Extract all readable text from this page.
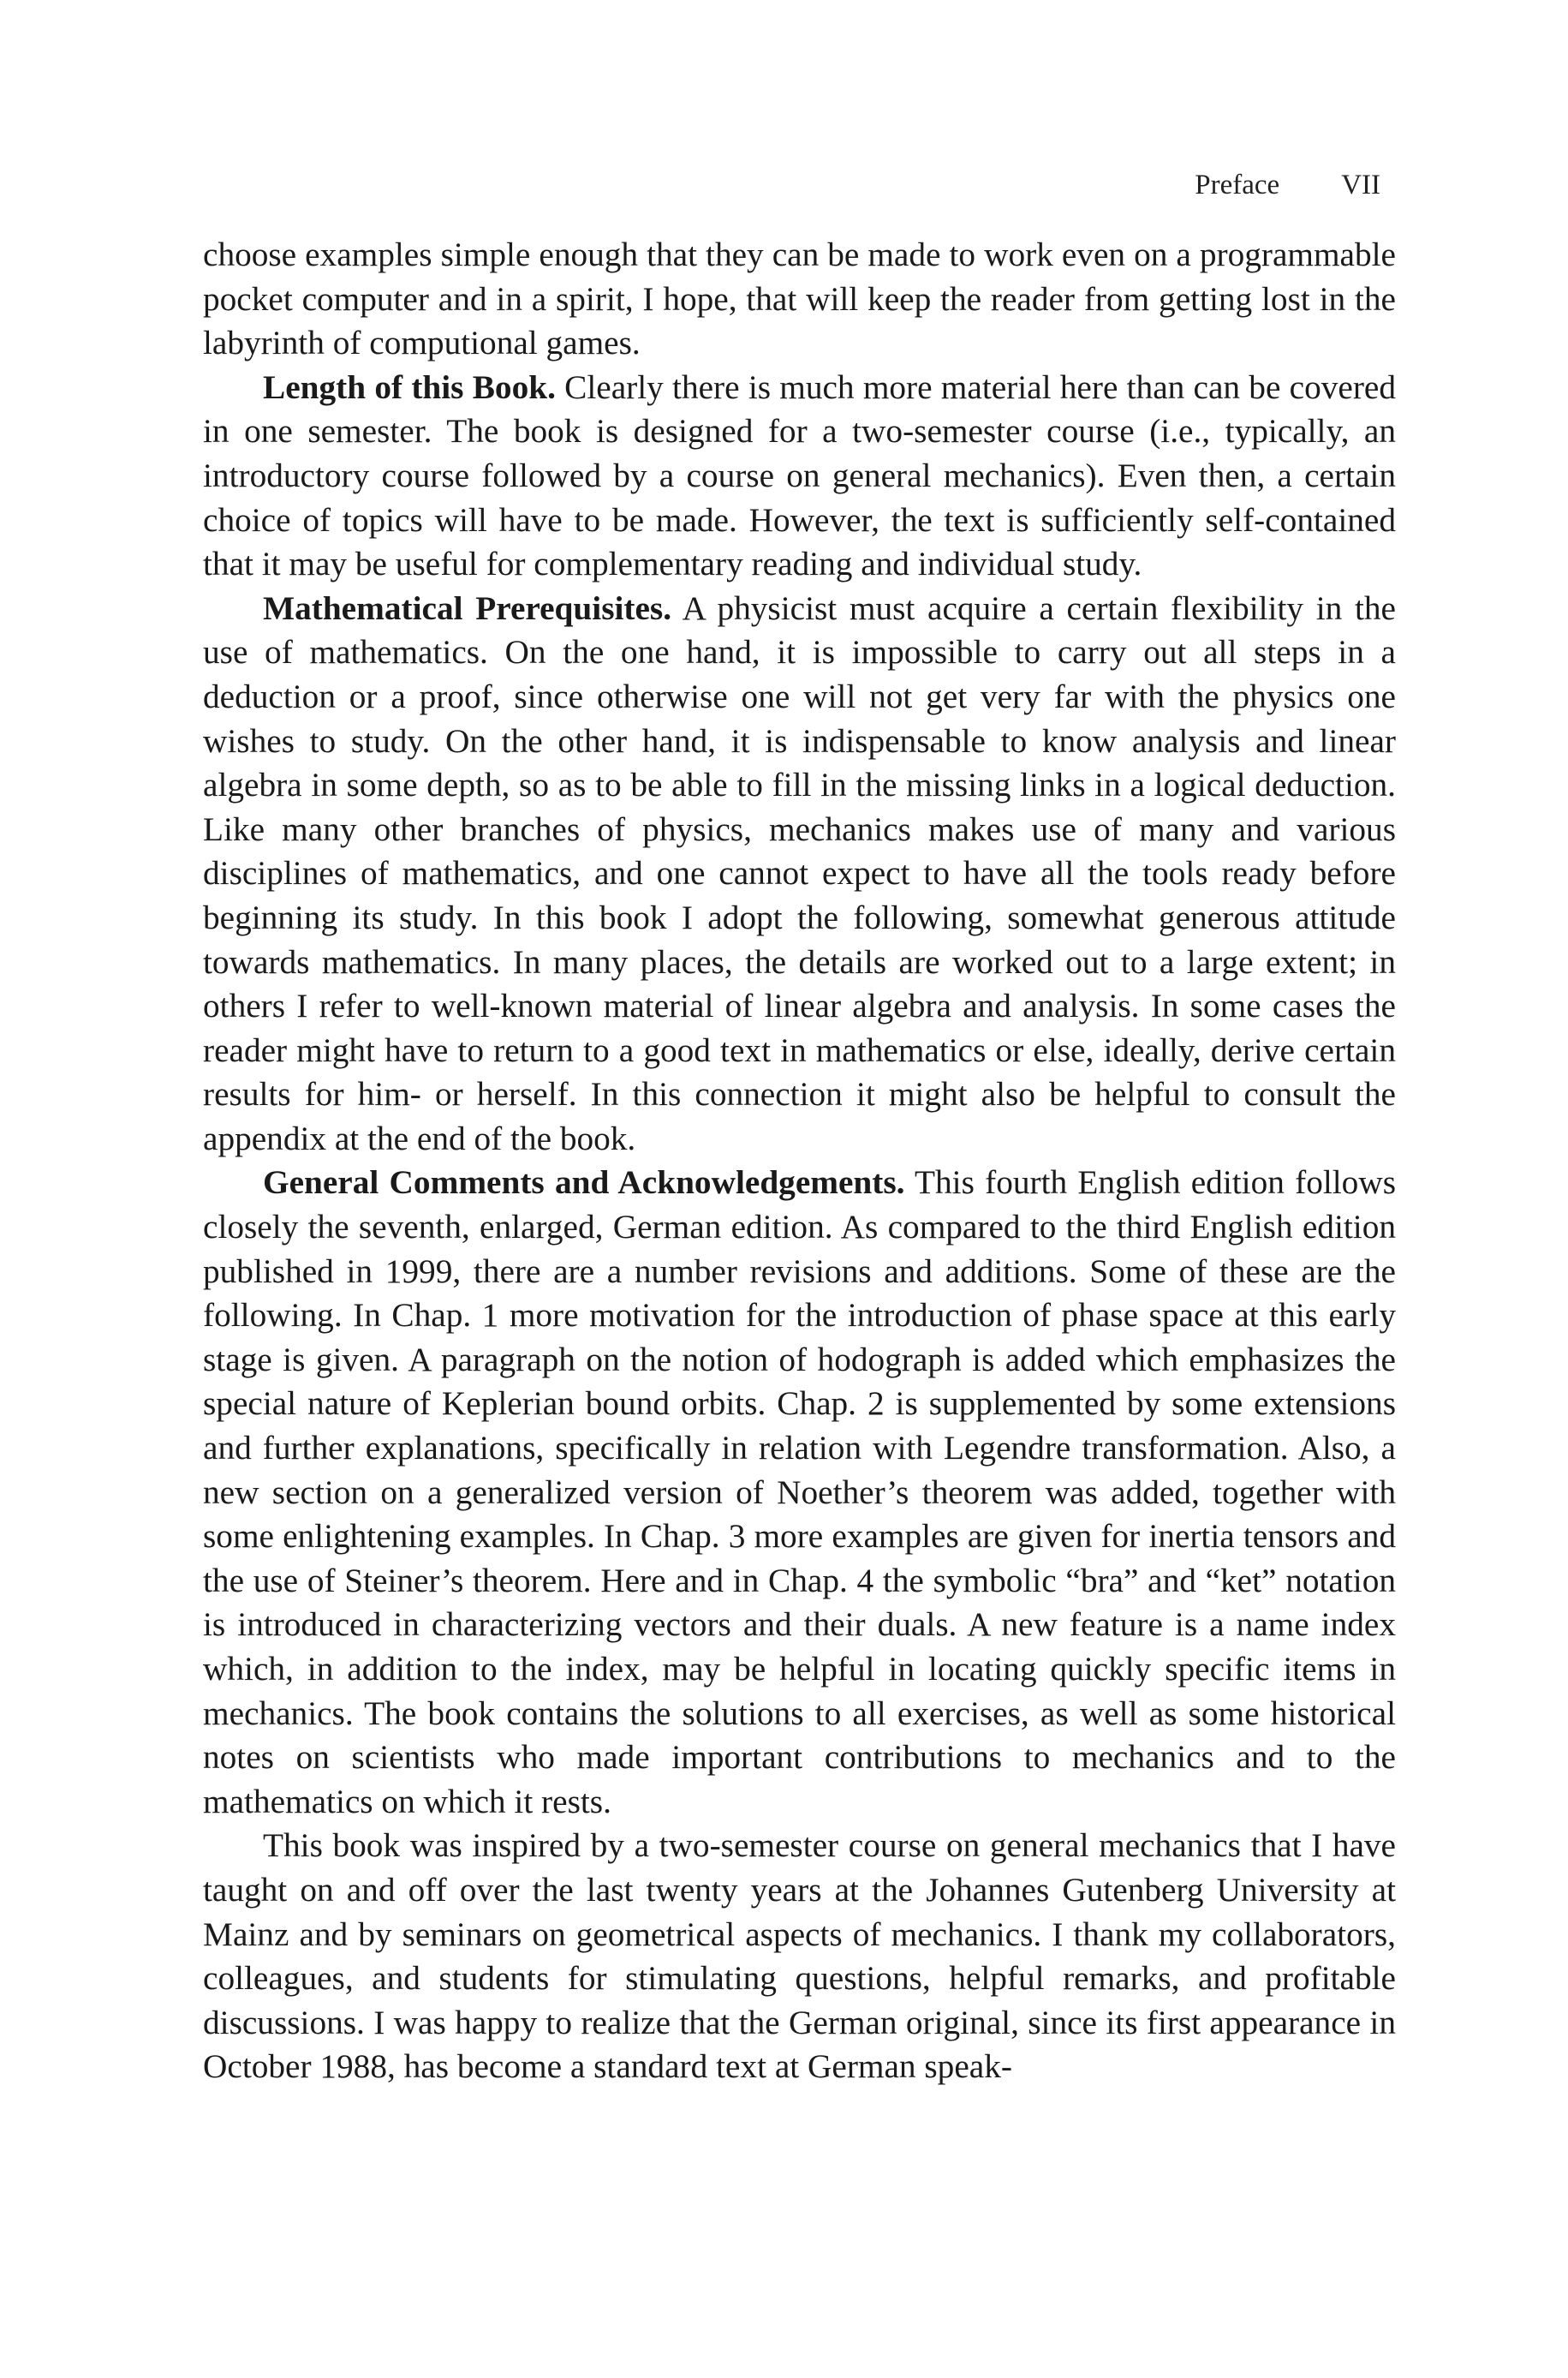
Preface VII

choose examples simple enough that they can be made to work even on a programmable pocket computer and in a spirit, I hope, that will keep the reader from getting lost in the labyrinth of computional games.

Length of this Book. Clearly there is much more material here than can be covered in one semester. The book is designed for a two-semester course (i.e., typically, an introductory course followed by a course on general mechanics). Even then, a certain choice of topics will have to be made. However, the text is sufficiently self-contained that it may be useful for complementary reading and individual study.

Mathematical Prerequisites. A physicist must acquire a certain flexibility in the use of mathematics. On the one hand, it is impossible to carry out all steps in a deduction or a proof, since otherwise one will not get very far with the physics one wishes to study. On the other hand, it is indispensable to know analysis and linear algebra in some depth, so as to be able to fill in the missing links in a logical deduction. Like many other branches of physics, mechanics makes use of many and various disciplines of mathematics, and one cannot expect to have all the tools ready before beginning its study. In this book I adopt the following, somewhat generous attitude towards mathematics. In many places, the details are worked out to a large extent; in others I refer to well-known material of linear algebra and analysis. In some cases the reader might have to return to a good text in mathematics or else, ideally, derive certain results for him- or herself. In this connection it might also be helpful to consult the appendix at the end of the book.

General Comments and Acknowledgements. This fourth English edition follows closely the seventh, enlarged, German edition. As compared to the third English edition published in 1999, there are a number revisions and additions. Some of these are the following. In Chap. 1 more motivation for the introduction of phase space at this early stage is given. A paragraph on the notion of hodograph is added which emphasizes the special nature of Keplerian bound orbits. Chap. 2 is supplemented by some extensions and further explanations, specifically in relation with Legendre transformation. Also, a new section on a generalized version of Noether’s theorem was added, together with some enlightening examples. In Chap. 3 more examples are given for inertia tensors and the use of Steiner’s theorem. Here and in Chap. 4 the symbolic “bra” and “ket” notation is introduced in characterizing vectors and their duals. A new feature is a name index which, in addition to the index, may be helpful in locating quickly specific items in mechanics. The book contains the solutions to all exercises, as well as some historical notes on scientists who made important contributions to mechanics and to the mathematics on which it rests.

This book was inspired by a two-semester course on general mechanics that I have taught on and off over the last twenty years at the Johannes Gutenberg University at Mainz and by seminars on geometrical aspects of mechanics. I thank my collaborators, colleagues, and students for stimulating questions, helpful remarks, and profitable discussions. I was happy to realize that the German original, since its first appearance in October 1988, has become a standard text at German speak-
